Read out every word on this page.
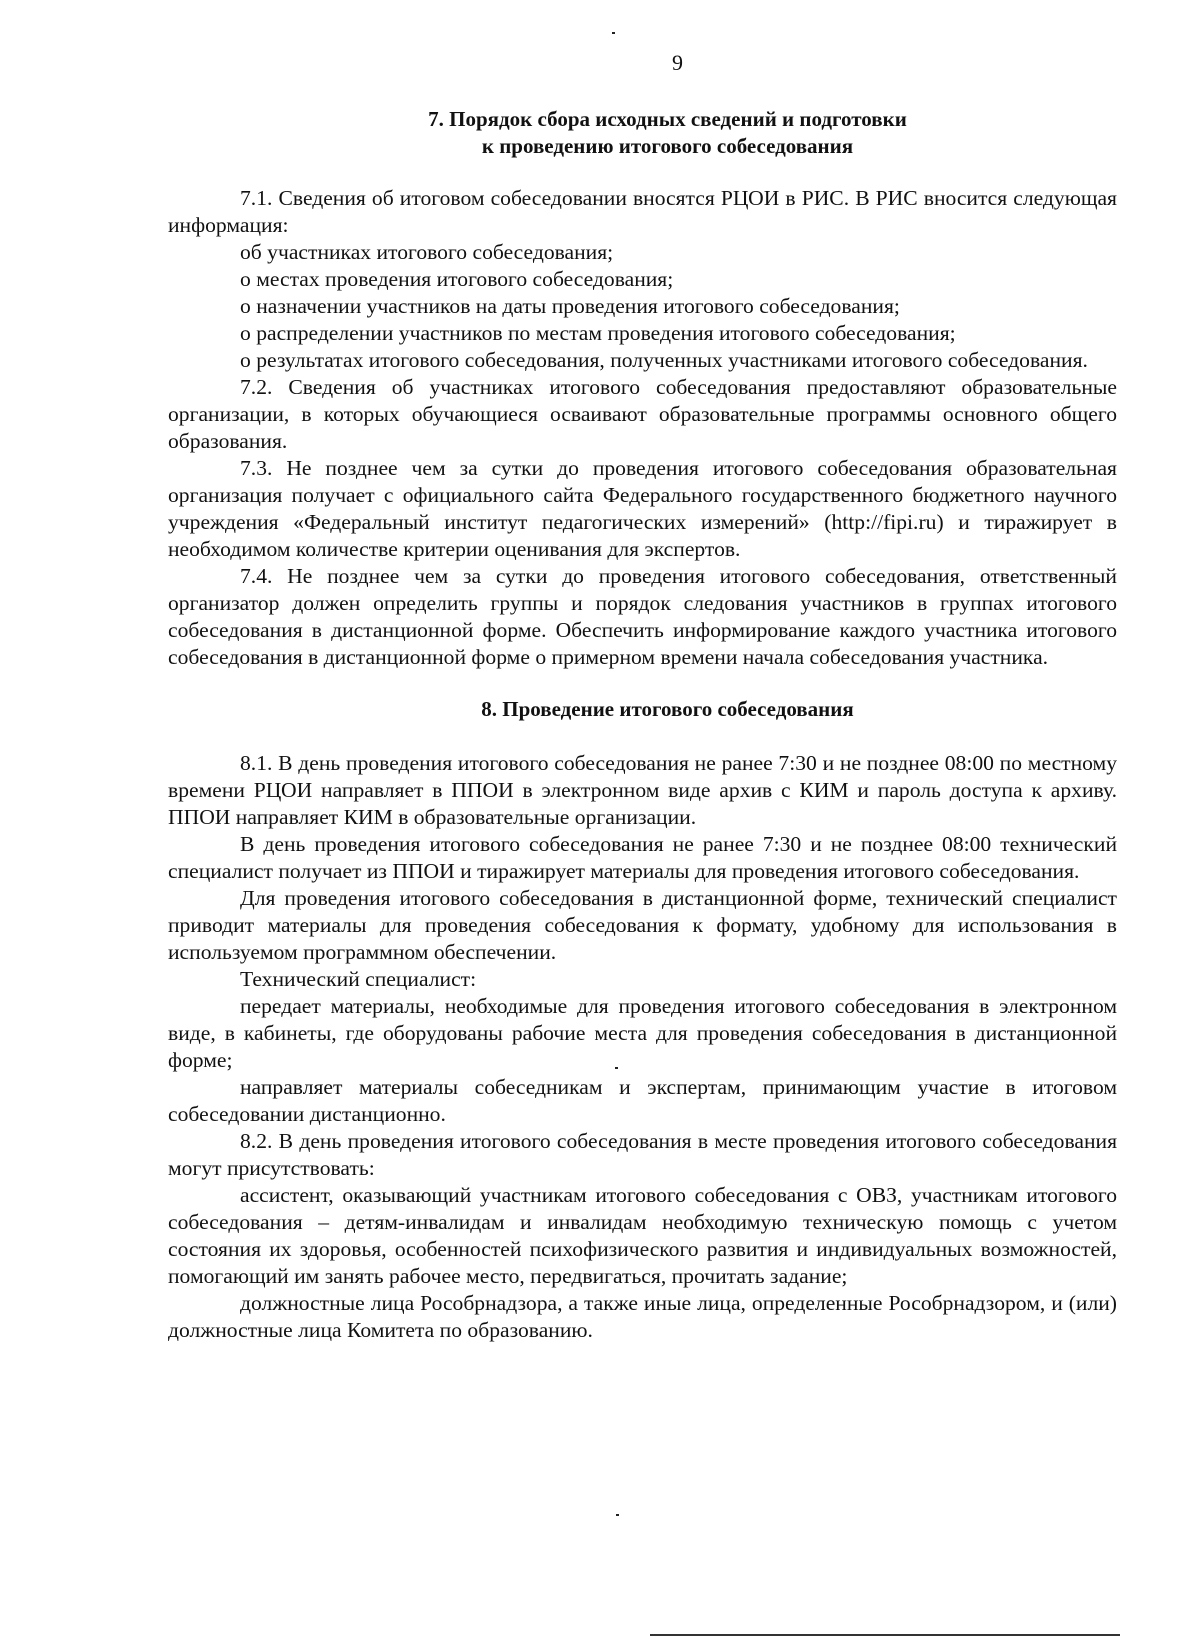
9
7. Порядок сбора исходных сведений и подготовки
к проведению итогового собеседования

7.1. Сведения об итоговом собеседовании вносятся РЦОИ в РИС. В РИС вносится следующая информация:

об участниках итогового собеседования;

о местах проведения итогового собеседования;

о назначении участников на даты проведения итогового собеседования;

о распределении участников по местам проведения итогового собеседования;

о результатах итогового собеседования, полученных участниками итогового собеседования.

7.2. Сведения об участниках итогового собеседования предоставляют образовательные организации, в которых обучающиеся осваивают образовательные программы основного общего образования.

7.3. Не позднее чем за сутки до проведения итогового собеседования образовательная организация получает с официального сайта Федерального государственного бюджетного научного учреждения «Федеральный институт педагогических измерений» (http://fipi.ru) и тиражирует в необходимом количестве критерии оценивания для экспертов.

7.4. Не позднее чем за сутки до проведения итогового собеседования, ответственный организатор должен определить группы и порядок следования участников в группах итогового собеседования в дистанционной форме. Обеспечить информирование каждого участника итогового собеседования в дистанционной форме о примерном времени начала собеседования участника.

8. Проведение итогового собеседования

8.1. В день проведения итогового собеседования не ранее 7:30 и не позднее 08:00 по местному времени РЦОИ направляет в ППОИ в электронном виде архив с КИМ и пароль доступа к архиву. ППОИ направляет КИМ в образовательные организации.

В день проведения итогового собеседования не ранее 7:30 и не позднее 08:00 технический специалист получает из ППОИ и тиражирует материалы для проведения итогового собеседования.

Для проведения итогового собеседования в дистанционной форме, технический специалист приводит материалы для проведения собеседования к формату, удобному для использования в используемом программном обеспечении.

Технический специалист:

передает материалы, необходимые для проведения итогового собеседования в электронном виде, в кабинеты, где оборудованы рабочие места для проведения собеседования в дистанционной форме;

направляет материалы собеседникам и экспертам, принимающим участие в итоговом собеседовании дистанционно.

8.2. В день проведения итогового собеседования в месте проведения итогового собеседования могут присутствовать:

ассистент, оказывающий участникам итогового собеседования с ОВЗ, участникам итогового собеседования – детям-инвалидам и инвалидам необходимую техническую помощь с учетом состояния их здоровья, особенностей психофизического развития и индивидуальных возможностей, помогающий им занять рабочее место, передвигаться, прочитать задание;

должностные лица Рособрнадзора, а также иные лица, определенные Рособрнадзором, и (или) должностные лица Комитета по образованию.
